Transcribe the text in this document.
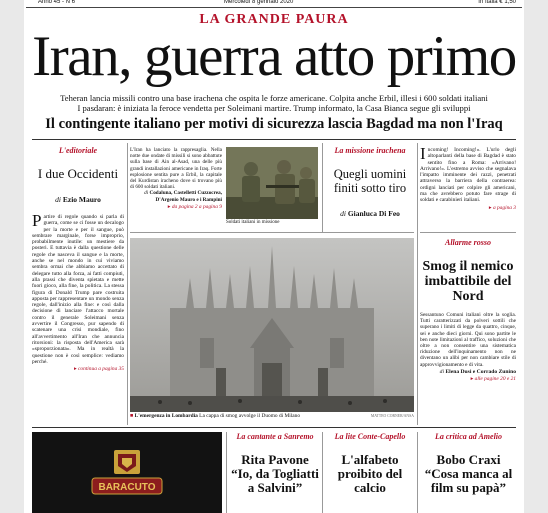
Anno 45 - N 6	Mercoledì 8 gennaio 2020	In Italia € 1,50
LA GRANDE PAURA
Iran, guerra atto primo
Teheran lancia missili contro una base irachena che ospita le forze americane. Colpita anche Erbil, illesi i 600 soldati italiani
I pasdaran: è iniziata la feroce vendetta per Soleimani martire. Trump informato, la Casa Bianca segue gli sviluppi
Il contingente italiano per motivi di sicurezza lascia Bagdad ma non l'Iraq
L'editoriale
I due Occidenti
di Ezio Mauro
P artire di regole quando si parla di guerra, come se ci fosse un decalogo per la morte e per il sangue, può sembrare marginale, forse improprio, probabilmente inutile: un mestiere da posteri. E tuttavia è dalla questione delle regole che nasceva il sangue e la morte, anche se nel mondo in cui viviamo sembra ormai che abbiamo accettato di delegare tutto alla forza, ai fatti compiuti, alla prassi che diventa spietata e mette fuori gioco, alla fine, la politica. La stessa figura di Donald Trump pare costruita apposta per rappresentare un mondo senza regole, dall'inizio alla fine: e così dalla decisione di lanciare l'attacco mortale contro il generale Soleimani senza avvertire il Congresso, pur sapendo di scatenare una crisi mondiale, fino all'avvertimento all'Iran che annuncia ritorsioni: la risposta dell'America sarà «sproporzionata». Ma in realtà la questione non è così semplice: vediamo perché.
▸ continua a pagina 35
L'Iran ha lanciato la rappresaglia. Nella notte due ondate di missili si sono abbattute sulla base di Ain al-Asad, una delle più grandi installazioni americane in Iraq. Forte esplosione sentita pure a Erbil, la capitale del Kurdistan iracheno dove si trovano più di 600 soldati italiani.
di Codaluna, Castelletti Cuzzocrea, D'Argenio Mauro e i Rampini
▸ da pagina 2 a pagina 9
Soldati italiani in missione
La missione irachena
Quegli uomini finiti sotto tiro
di Gianluca Di Feo
I ncoming! Incoming!». L'urlo degli altoparlanti della base di Bagdad è stato sentito fino a Roma: «Arrivano! Arrivano!». L'estremo avviso che segnalava l'impatto imminente dei razzi, penetrati attraverso la barriera della contraerea: ordigni lanciati per colpire gli americani, ma che avrebbero potuto fare strage di soldati e carabinieri italiani.
▸ a pagina 3
■ L'emergenza in Lombardia La cappa di smog avvolge il Duomo di Milano	MATTEO CORNER/ANSA
Allarme rosso
Smog il nemico imbattibile del Nord
Sessantuno Comuni italiani oltre la soglia. Tutti caratterizzati da polveri sottili che superano i limiti di legge da quattro, cinque, sei e anche dieci giorni. Qui sono partite le ben note limitazioni al traffico, soluzioni che oltre a non consentire una sistematica riduzione dell'inquinamento non ne diventano un alibi per non cambiare stile di approvvigionamento e di vita.
di Elena Dusi e Corrado Zunino
▸ alle pagine 20 e 21
BARACUTO
La cantante a Sanremo
Rita Pavone “Io, da Togliatti a Salvini”
La lite Conte-Capello
L'alfabeto proibito del calcio
La critica ad Amelio
Bobo Craxi “Cosa manca al film su papà”
